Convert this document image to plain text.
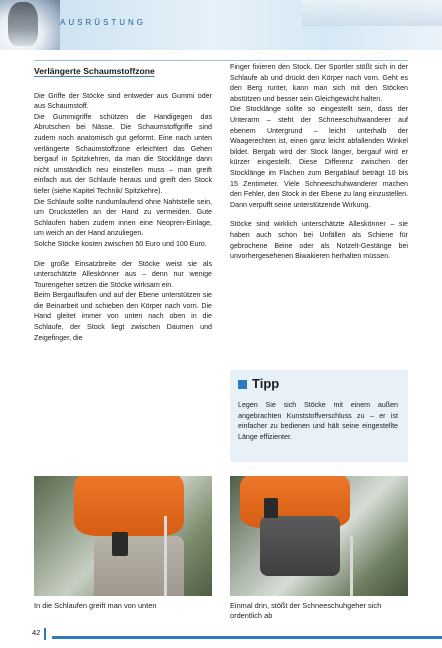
AUSRÜSTUNG
Verlängerte Schaumstoffzone

Die Griffe der Stöcke sind entweder aus Gummi oder aus Schaumstoff.

Die Gummigriffe schützen die Handigegen das Abrutschen bei Nässe. Die Schaumstoffgriffe sind zudem noch anatomisch gut geformt. Eine nach unten verlängerte Schaumstoffzone erleichtert das Gehen bergauf in Spitzkehren, da man die Stocklänge dann nicht umständlich neu einstellen muss – man greift einfach aus der Schlaufe heraus und greift den Stock tiefer (siehe Kapitel Technik/ Spitzkehre).

Die Schlaufe sollte rundumlaufend ohne Nahtstelle sein, um Druckstellen an der Hand zu vermeiden. Gute Schlaufen haben zudem innen eine Neopren-Einlage, um weich an der Hand anzuliegen.

Solche Stöcke kosten zwischen 50 Euro und 100 Euro.

Die große Einsatzbreite der Stöcke weist sie als unterschätzte Alleskönner aus – denn nur wenige Tourengeher setzen die Stöcke wirksam ein.

Beim Bergauflaufen und auf der Ebene unterstützen sie die Beinarbeit und schieben den Körper nach vorn. Die Hand gleitet immer von unten nach oben in die Schlaufe, der Stock liegt zwischen Daumen und Zeigefinger, die

Finger fixieren den Stock. Der Sportler stößt sich in der Schlaufe ab und drückt den Körper nach vorn. Geht es den Berg runter, kann man sich mit den Stöcken abstützen und besser sein Gleichgewicht halten.

Die Stocklänge sollte so eingestellt sein, dass der Unterarm – steht der Schneeschuhwanderer auf ebenem Untergrund – leicht unterhalb der Waagerechten ist, einen ganz leicht abfallenden Winkel bildet. Bergab wird der Stock länger, bergauf wird er kürzer eingestellt. Diese Differenz zwischen der Stocklänge im Flachen zum Bergablauf beträgt 10 bis 15 Zentimeter. Viele Schneeschuhwanderer machen den Fehler, den Stock in der Ebene zu lang einzustellen. Dann verpufft seine unterstützende Wirkung.

Stöcke sind wirklich unterschätzte Alleskönner – sie haben auch schon bei Unfällen als Schiene für gebrochene Beine oder als Notzelt-Gestänge bei unvorhergesehenen Biwakieren herhalten müssen.

Tipp
Legen Sie sich Stöcke mit einem außen angebrachten Kunststoffverschluss zu – er ist einfacher zu bedienen und hält seine eingestellte Länge effizienter.
In die Schlaufen greift man von unten	Einmal drin, stößt der Schneeschuhgeher sich ordentlich ab
42
